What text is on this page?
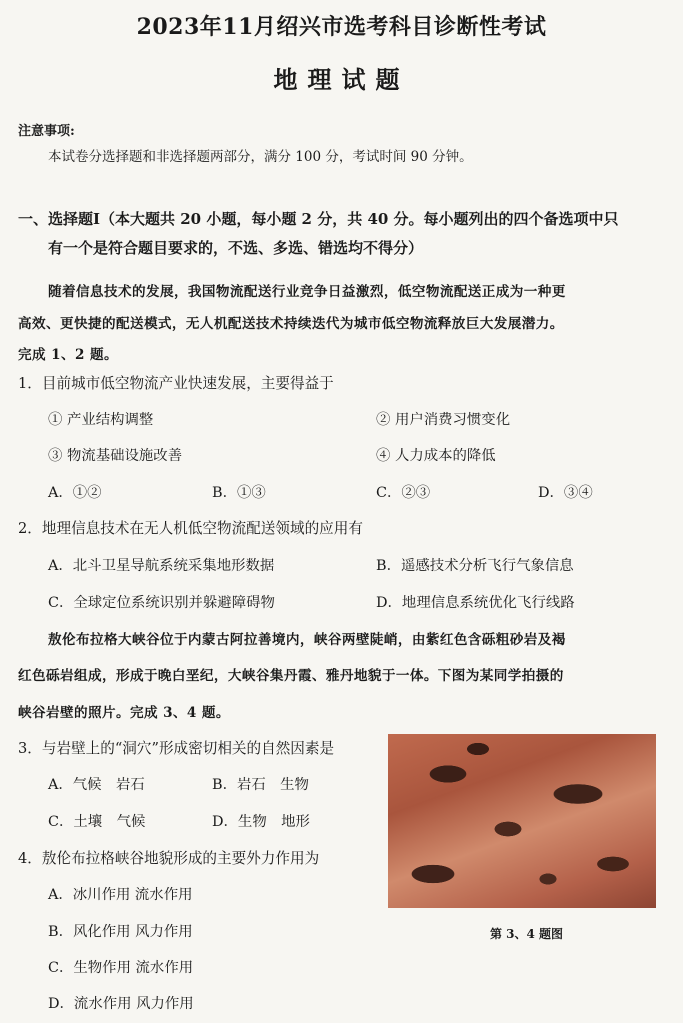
2023年11月绍兴市选考科目诊断性考试
地理试题
注意事项:
本试卷分选择题和非选择题两部分，满分 100 分，考试时间 90 分钟。
一、选择题Ⅰ（本大题共 20 小题，每小题 2 分，共 40 分。每小题列出的四个备选项中只
有一个是符合题目要求的，不选、多选、错选均不得分）
随着信息技术的发展，我国物流配送行业竞争日益激烈，低空物流配送正成为一种更
高效、更快捷的配送模式，无人机配送技术持续迭代为城市低空物流释放巨大发展潜力。
完成 1、2 题。
1．目前城市低空物流产业快速发展，主要得益于
① 产业结构调整	② 用户消费习惯变化
③ 物流基础设施改善	④ 人力成本的降低
A．①②	B．①③	C．②③	D．③④
2．地理信息技术在无人机低空物流配送领域的应用有
A．北斗卫星导航系统采集地形数据	B．遥感技术分析飞行气象信息
C．全球定位系统识别并躲避障碍物	D．地理信息系统优化飞行线路
敖伦布拉格大峡谷位于内蒙古阿拉善境内，峡谷两壁陡峭，由紫红色含砾粗砂岩及褐
红色砾岩组成，形成于晚白垩纪，大峡谷集丹霞、雅丹地貌于一体。下图为某同学拍摄的
峡谷岩壁的照片。完成 3、4 题。
3．与岩壁上的“洞穴”形成密切相关的自然因素是
A．气候　岩石	B．岩石　生物
C．土壤　气候	D．生物　地形
4．敖伦布拉格峡谷地貌形成的主要外力作用为
A．冰川作用 流水作用
B．风化作用 风力作用
C．生物作用 流水作用
D．流水作用 风力作用
第 3、4 题图
